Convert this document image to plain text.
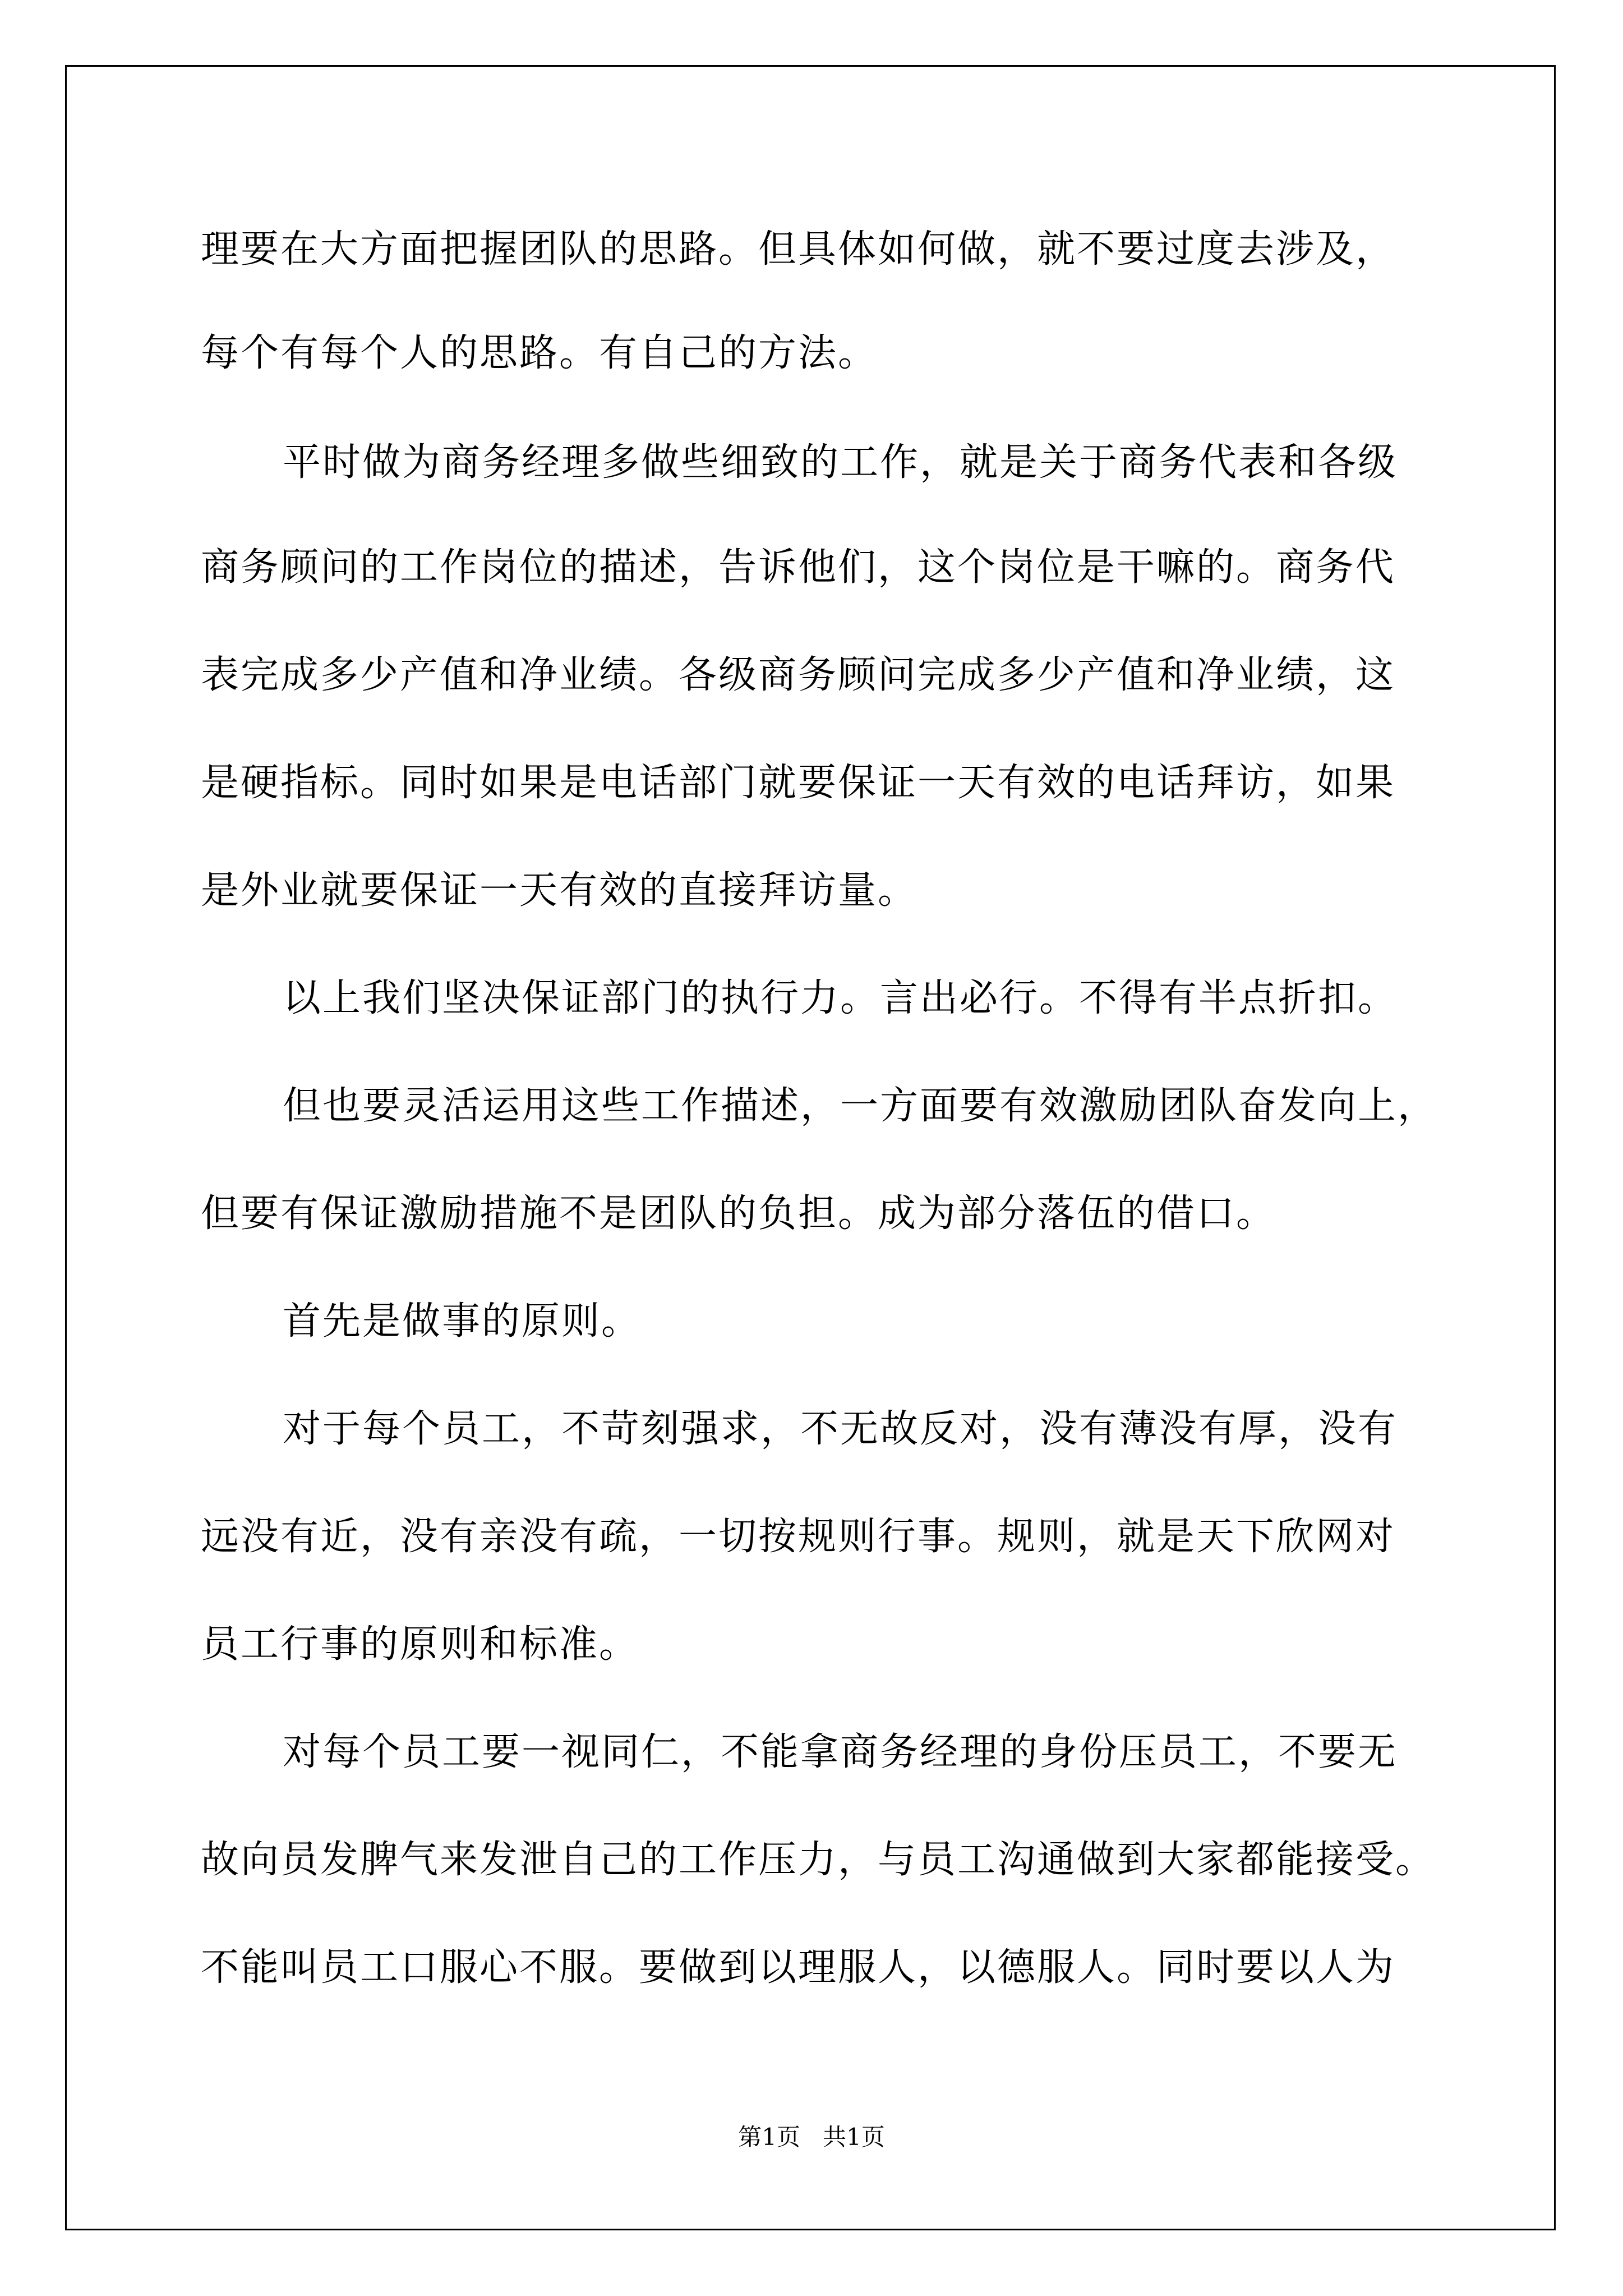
理要在大方面把握团队的思路。但具体如何做，就不要过度去涉及，
每个有每个人的思路。有自己的方法。
平时做为商务经理多做些细致的工作，就是关于商务代表和各级
商务顾问的工作岗位的描述，告诉他们，这个岗位是干嘛的。商务代
表完成多少产值和净业绩。各级商务顾问完成多少产值和净业绩，这
是硬指标。同时如果是电话部门就要保证一天有效的电话拜访，如果
是外业就要保证一天有效的直接拜访量。
以上我们坚决保证部门的执行力。言出必行。不得有半点折扣。
但也要灵活运用这些工作描述，一方面要有效激励团队奋发向上，
但要有保证激励措施不是团队的负担。成为部分落伍的借口。
首先是做事的原则。
对于每个员工，不苛刻强求，不无故反对，没有薄没有厚，没有
远没有近，没有亲没有疏，一切按规则行事。规则，就是天下欣网对
员工行事的原则和标准。
对每个员工要一视同仁，不能拿商务经理的身份压员工，不要无
故向员发脾气来发泄自己的工作压力，与员工沟通做到大家都能接受。
不能叫员工口服心不服。要做到以理服人，以德服人。同时要以人为
第1页   共1页
